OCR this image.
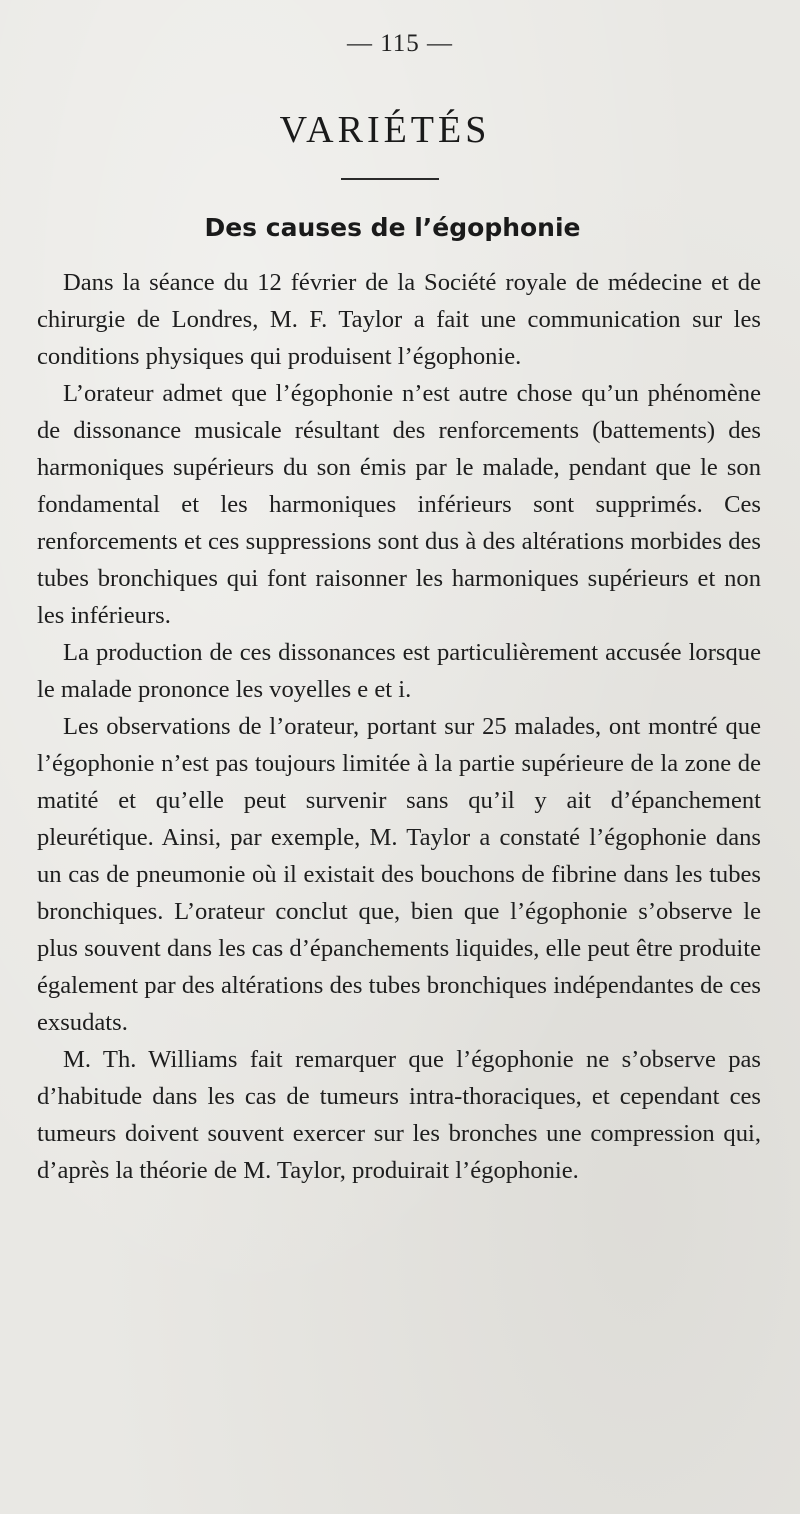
— 115 —
VARIÉTÉS
Des causes de l’égophonie

Dans la séance du 12 février de la Société royale de médecine et de chirurgie de Londres, M. F. Taylor a fait une communication sur les conditions physiques qui produisent l’égophonie.

L’orateur admet que l’égophonie n’est autre chose qu’un phénomène de dissonance musicale résultant des renforcements (battements) des harmoniques supérieurs du son émis par le malade, pendant que le son fondamental et les harmoniques inférieurs sont supprimés. Ces renforcements et ces suppressions sont dus à des altérations morbides des tubes bronchiques qui font raisonner les harmoniques supérieurs et non les inférieurs.

La production de ces dissonances est particulièrement accusée lorsque le malade prononce les voyelles e et i.

Les observations de l’orateur, portant sur 25 malades, ont montré que l’égophonie n’est pas toujours limitée à la partie supérieure de la zone de matité et qu’elle peut survenir sans qu’il y ait d’épanchement pleurétique. Ainsi, par exemple, M. Taylor a constaté l’égophonie dans un cas de pneumonie où il existait des bouchons de fibrine dans les tubes bronchiques. L’orateur conclut que, bien que l’égophonie s’observe le plus souvent dans les cas d’épanchements liquides, elle peut être produite également par des altérations des tubes bronchiques indépendantes de ces exsudats.

M. Th. Williams fait remarquer que l’égophonie ne s’observe pas d’habitude dans les cas de tumeurs intra-thoraciques, et cependant ces tumeurs doivent souvent exercer sur les bronches une compression qui, d’après la théorie de M. Taylor, produirait l’égophonie.
